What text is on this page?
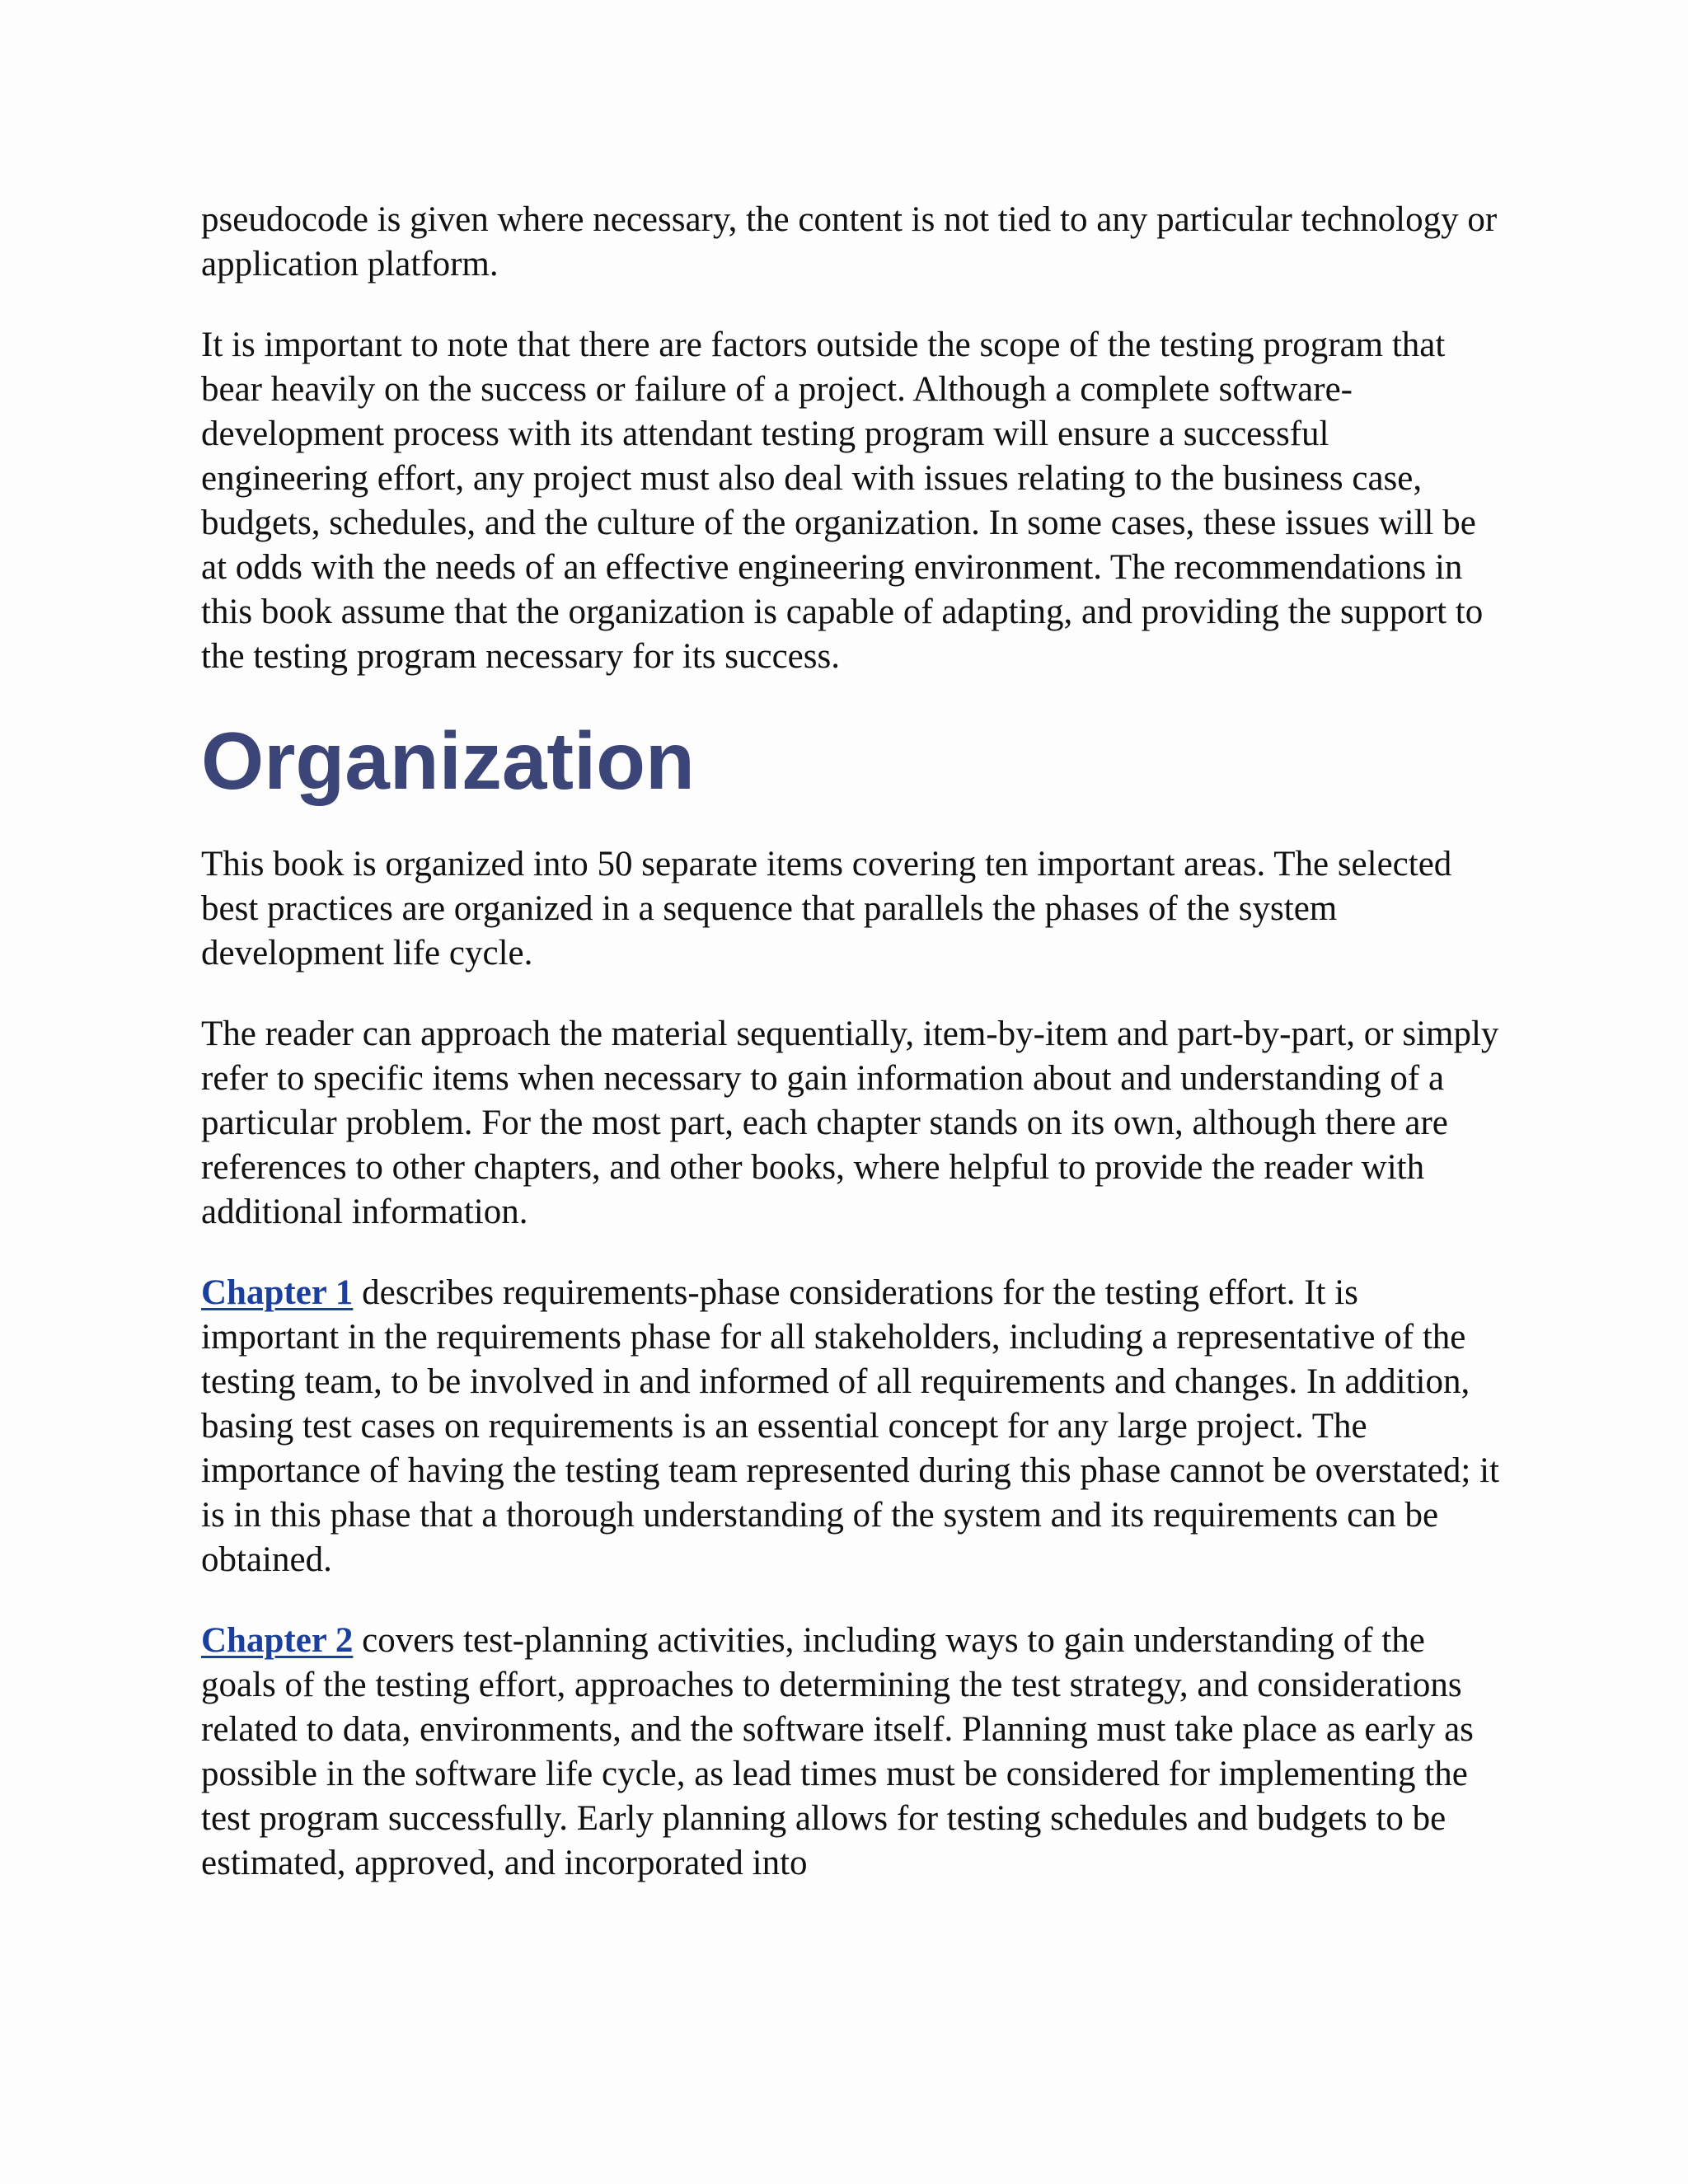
pseudocode is given where necessary, the content is not tied to any particular technology or application platform.

It is important to note that there are factors outside the scope of the testing program that bear heavily on the success or failure of a project. Although a complete software-development process with its attendant testing program will ensure a successful engineering effort, any project must also deal with issues relating to the business case, budgets, schedules, and the culture of the organization. In some cases, these issues will be at odds with the needs of an effective engineering environment. The recommendations in this book assume that the organization is capable of adapting, and providing the support to the testing program necessary for its success.

Organization

This book is organized into 50 separate items covering ten important areas. The selected best practices are organized in a sequence that parallels the phases of the system development life cycle.

The reader can approach the material sequentially, item-by-item and part-by-part, or simply refer to specific items when necessary to gain information about and understanding of a particular problem. For the most part, each chapter stands on its own, although there are references to other chapters, and other books, where helpful to provide the reader with additional information.

Chapter 1 describes requirements-phase considerations for the testing effort. It is important in the requirements phase for all stakeholders, including a representative of the testing team, to be involved in and informed of all requirements and changes. In addition, basing test cases on requirements is an essential concept for any large project. The importance of having the testing team represented during this phase cannot be overstated; it is in this phase that a thorough understanding of the system and its requirements can be obtained.

Chapter 2 covers test-planning activities, including ways to gain understanding of the goals of the testing effort, approaches to determining the test strategy, and considerations related to data, environments, and the software itself. Planning must take place as early as possible in the software life cycle, as lead times must be considered for implementing the test program successfully. Early planning allows for testing schedules and budgets to be estimated, approved, and incorporated into
